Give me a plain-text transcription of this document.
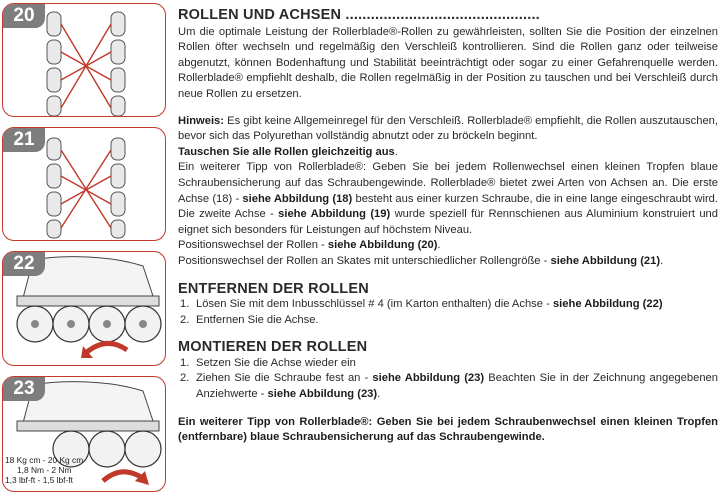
20
21
22
23
18 Kg cm - 20 Kg cm
1,8 Nm - 2 Nm
1,3 lbf-ft - 1,5 lbf-ft
ROLLEN UND ACHSEN ..............................................

Um die optimale Leistung der Rollerblade®-Rollen zu gewährleisten, sollten Sie die Position der einzelnen Rollen öfter wechseln und regelmäßig den Verschleiß kontrollieren. Sind die Rollen ganz oder teilweise abgenutzt, können Bodenhaftung und Stabilität beeinträchtigt oder sogar zu einer Gefahrenquelle werden. Rollerblade® empfiehlt deshalb, die Rollen regelmäßig in der Position zu tauschen und bei Verschleiß durch neue Rollen zu ersetzen.

Hinweis: Es gibt keine Allgemeinregel für den Verschleiß. Rollerblade® empfiehlt, die Rollen auszutauschen, bevor sich das Polyurethan vollständig abnutzt oder zu bröckeln beginnt.

Tauschen Sie alle Rollen gleichzeitig aus.

Ein weiterer Tipp von Rollerblade®: Geben Sie bei jedem Rollenwechsel einen kleinen Tropfen blaue Schraubensicherung auf das Schraubengewinde. Rollerblade® bietet zwei Arten von Achsen an. Die erste Achse (18) - siehe Abbildung (18) besteht aus einer kurzen Schraube, die in eine lange eingeschraubt wird. Die zweite Achse - siehe Abbildung (19) wurde speziell für Rennschienen aus Aluminium konstruiert und eignet sich besonders für Leistungen auf höchstem Niveau.

Positionswechsel der Rollen - siehe Abbildung (20).

Positionswechsel der Rollen an Skates mit unterschiedlicher Rollengröße - siehe Abbildung (21).

ENTFERNEN DER ROLLEN
1. Lösen Sie mit dem Inbusschlüssel # 4 (im Karton enthalten) die Achse - siehe Abbildung (22)
2. Entfernen Sie die Achse.
MONTIEREN DER ROLLEN
1. Setzen Sie die Achse wieder ein
2. Ziehen Sie die Schraube fest an - siehe Abbildung (23) Beachten Sie in der Zeichnung angegebenen Anziehwerte - siehe Abbildung (23).

Ein weiterer Tipp von Rollerblade®: Geben Sie bei jedem Schraubenwechsel einen kleinen Tropfen (entfernbare) blaue Schraubensicherung auf das Schraubengewinde.
